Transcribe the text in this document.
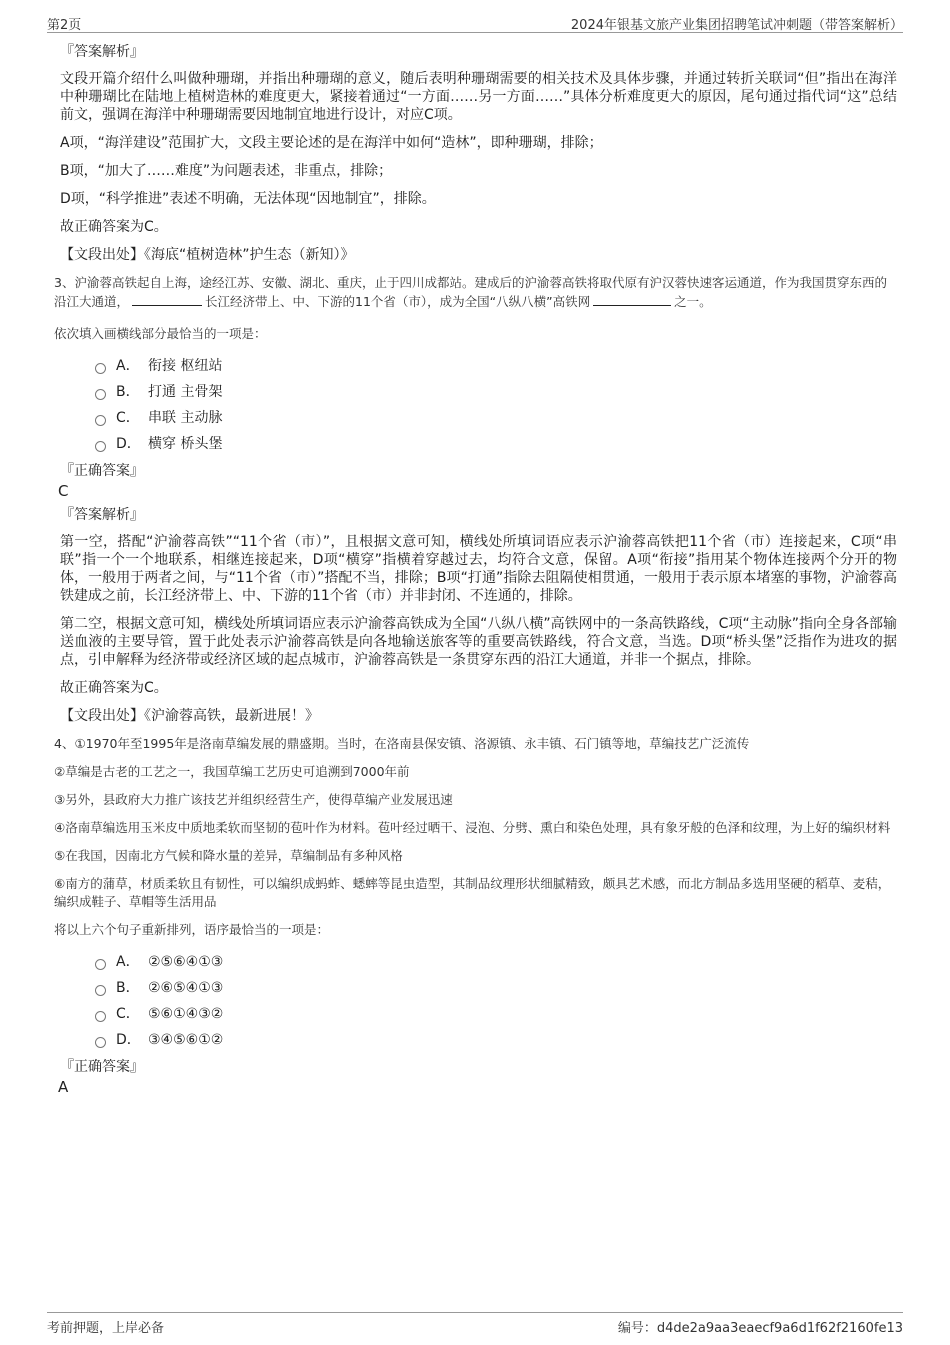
第2页	2024年银基文旅产业集团招聘笔试冲刺题（带答案解析）
『答案解析』
文段开篇介绍什么叫做种珊瑚，并指出种珊瑚的意义，随后表明种珊瑚需要的相关技术及具体步骤，并通过转折关联词“但”指出在海洋中种珊瑚比在陆地上植树造林的难度更大，紧接着通过“一方面……另一方面……”具体分析难度更大的原因，尾句通过指代词“这”总结前文，强调在海洋中种珊瑚需要因地制宜地进行设计，对应C项。
A项，“海洋建设”范围扩大，文段主要论述的是在海洋中如何“造林”，即种珊瑚，排除；
B项，“加大了……难度”为问题表述，非重点，排除；
D项，“科学推进”表述不明确，无法体现“因地制宜”，排除。
故正确答案为C。
【文段出处】《海底“植树造林”护生态（新知）》
3、沪渝蓉高铁起自上海，途经江苏、安徽、湖北、重庆，止于四川成都站。建成后的沪渝蓉高铁将取代原有沪汉蓉快速客运通道，作为我国贯穿东西的沿江大通道，	长江经济带上、中、下游的11个省（市），成为全国“八纵八横”高铁网	之一。
依次填入画横线部分最恰当的一项是：
A． 衔接 枢纽站
B． 打通 主骨架
C． 串联 主动脉
D． 横穿 桥头堡
『正确答案』
C
『答案解析』
第一空，搭配“沪渝蓉高铁”“11个省（市）”，且根据文意可知，横线处所填词语应表示沪渝蓉高铁把11个省（市）连接起来，C项“串联”指一个一个地联系，相继连接起来，D项“横穿”指横着穿越过去，均符合文意，保留。A项“衔接”指用某个物体连接两个分开的物体，一般用于两者之间，与“11个省（市）”搭配不当，排除；B项“打通”指除去阻隔使相贯通，一般用于表示原本堵塞的事物，沪渝蓉高铁建成之前，长江经济带上、中、下游的11个省（市）并非封闭、不连通的，排除。
第二空，根据文意可知，横线处所填词语应表示沪渝蓉高铁成为全国“八纵八横”高铁网中的一条高铁路线，C项“主动脉”指向全身各部输送血液的主要导管，置于此处表示沪渝蓉高铁是向各地输送旅客等的重要高铁路线，符合文意，当选。D项“桥头堡”泛指作为进攻的据点，引申解释为经济带或经济区域的起点城市，沪渝蓉高铁是一条贯穿东西的沿江大通道，并非一个据点，排除。
故正确答案为C。
【文段出处】《沪渝蓉高铁，最新进展！》
4、①1970年至1995年是洛南草编发展的鼎盛期。当时，在洛南县保安镇、洛源镇、永丰镇、石门镇等地，草编技艺广泛流传
②草编是古老的工艺之一，我国草编工艺历史可追溯到7000年前
③另外，县政府大力推广该技艺并组织经营生产，使得草编产业发展迅速
④洛南草编选用玉米皮中质地柔软而坚韧的苞叶作为材料。苞叶经过晒干、浸泡、分劈、熏白和染色处理，具有象牙般的色泽和纹理，为上好的编织材料
⑤在我国，因南北方气候和降水量的差异，草编制品有多种风格
⑥南方的蒲草，材质柔软且有韧性，可以编织成蚂蚱、蟋蟀等昆虫造型，其制品纹理形状细腻精致，颇具艺术感，而北方制品多选用坚硬的稻草、麦秸，编织成鞋子、草帽等生活用品
将以上六个句子重新排列，语序最恰当的一项是：
A． ②⑤⑥④①③
B． ②⑥⑤④①③
C． ⑤⑥①④③②
D． ③④⑤⑥①②
『正确答案』
A
考前押题，上岸必备	编号：d4de2a9aa3eaecf9a6d1f62f2160fe13
